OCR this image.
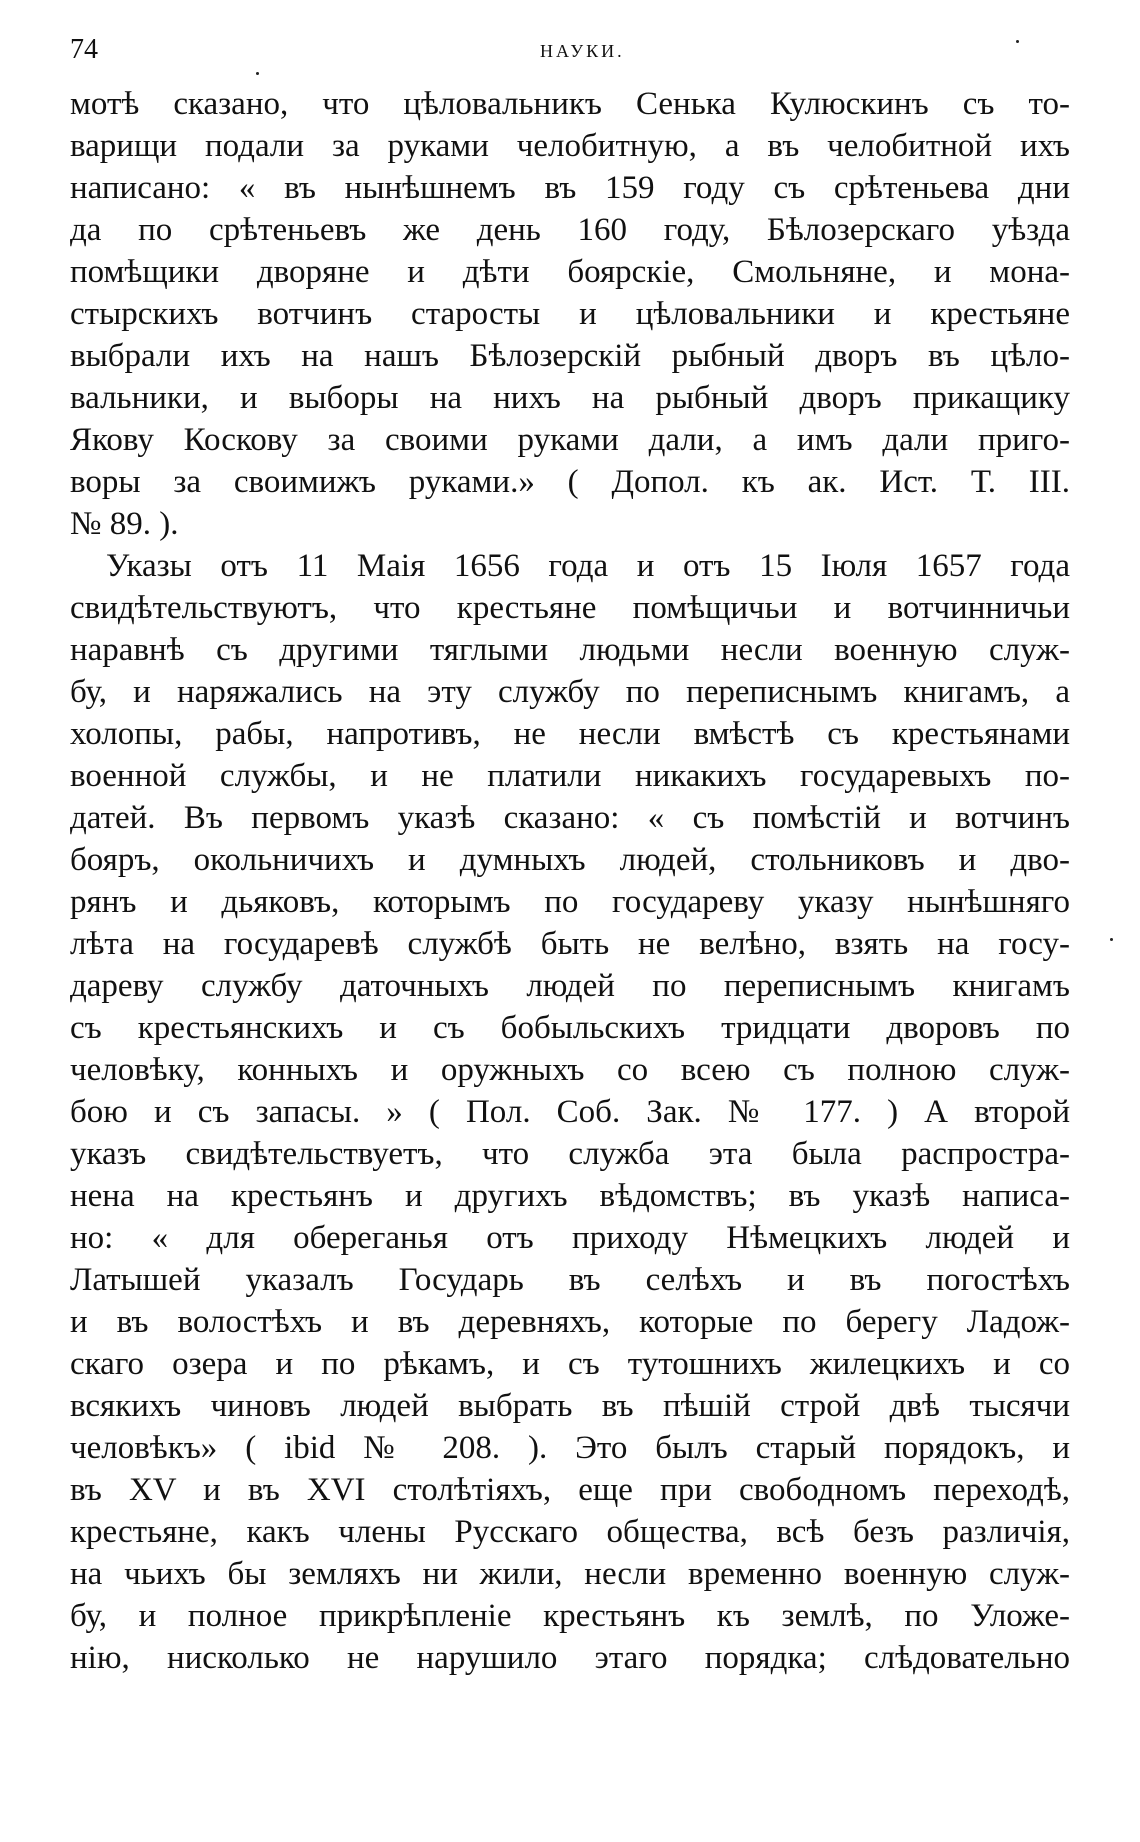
74	НАУКИ.
мотѣ сказано, что цѣловальникъ Сенька Кулюскинъ съ то-
варищи подали за руками челобитную, а въ челобитной ихъ
написано: « въ нынѣшнемъ въ 159 году съ срѣтеньева дни
да по срѣтеньевъ же день 160 году, Бѣлозерскаго уѣзда
помѣщики дворяне и дѣти боярскіе, Смольняне, и мона-
стырскихъ вотчинъ старосты и цѣловальники и крестьяне
выбрали ихъ на нашъ Бѣлозерскій рыбный дворъ въ цѣло-
вальники, и выборы на нихъ на рыбный дворъ прикащику
Якову Коскову за своими руками дали, а имъ дали приго-
воры за своимижъ руками.» ( Допол. къ ак. Ист. Т. III.
№ 89. ).
Указы отъ 11 Маія 1656 года и отъ 15 Іюля 1657 года
свидѣтельствуютъ, что крестьяне помѣщичьи и вотчинничьи
наравнѣ съ другими тяглыми людьми несли военную служ-
бу, и наряжались на эту службу по переписнымъ книгамъ, а
холопы, рабы, напротивъ, не несли вмѣстѣ съ крестьянами
военной службы, и не платили никакихъ государевыхъ по-
датей. Въ первомъ указѣ сказано: « съ помѣстій и вотчинъ
бояръ, окольничихъ и думныхъ людей, стольниковъ и дво-
рянъ и дьяковъ, которымъ по государеву указу нынѣшняго
лѣта на государевѣ службѣ быть не велѣно, взять на госу-
дареву службу даточныхъ людей по переписнымъ книгамъ
съ крестьянскихъ и съ бобыльскихъ тридцати дворовъ по
человѣку, конныхъ и оружныхъ со всею съ полною служ-
бою и съ запасы. » ( Пол. Соб. Зак. № 177. ) А второй
указъ свидѣтельствуетъ, что служба эта была распростра-
нена на крестьянъ и другихъ вѣдомствъ; въ указѣ написа-
но: « для обереганья отъ приходу Нѣмецкихъ людей и
Латышей указалъ Государь въ селѣхъ и въ погостѣхъ
и въ волостѣхъ и въ деревняхъ, которые по берегу Ладож-
скаго озера и по рѣкамъ, и съ тутошнихъ жилецкихъ и со
всякихъ чиновъ людей выбрать въ пѣшій строй двѣ тысячи
человѣкъ» ( ibid № 208. ). Это былъ старый порядокъ, и
въ XV и въ XVI столѣтіяхъ, еще при свободномъ переходѣ,
крестьяне, какъ члены Русскаго общества, всѣ безъ различія,
на чьихъ бы земляхъ ни жили, несли временно военную служ-
бу, и полное прикрѣпленіе крестьянъ къ землѣ, по Уложе-
нію, нисколько не нарушило этаго порядка; слѣдовательно
